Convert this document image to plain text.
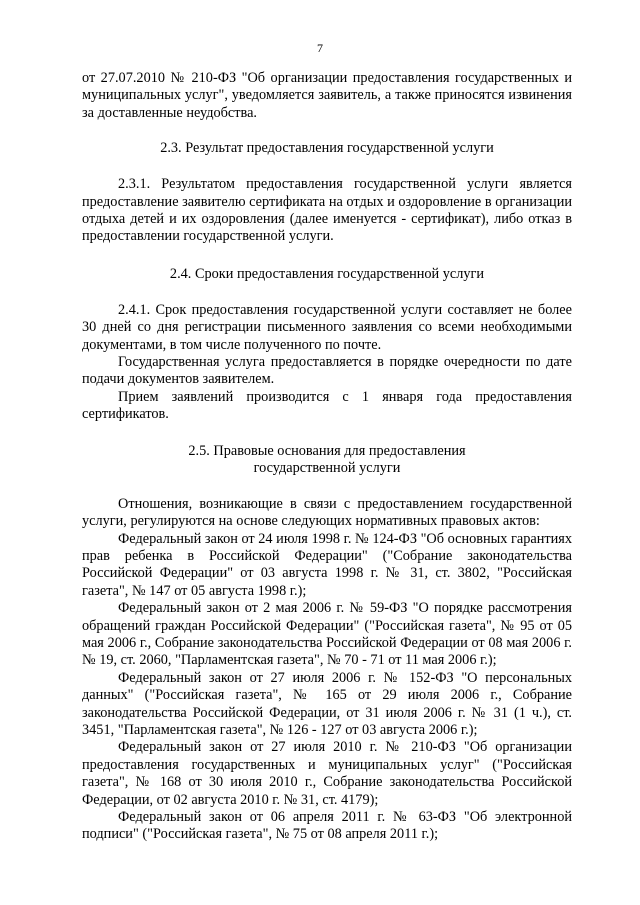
7

от 27.07.2010 № 210-ФЗ "Об организации предоставления государственных и муниципальных услуг", уведомляется заявитель, а также приносятся извинения за доставленные неудобства.

2.3. Результат предоставления государственной услуги

2.3.1. Результатом предоставления государственной услуги является предоставление заявителю сертификата на отдых и оздоровление в организации отдыха детей и их оздоровления (далее именуется - сертификат), либо отказ в предоставлении государственной услуги.

2.4. Сроки предоставления государственной услуги

2.4.1. Срок предоставления государственной услуги составляет не более 30 дней со дня регистрации письменного заявления со всеми необходимыми документами, в том числе полученного по почте.

Государственная услуга предоставляется в порядке очередности по дате подачи документов заявителем.

Прием заявлений производится с 1 января года предоставления сертификатов.

2.5. Правовые основания для предоставления
государственной услуги

Отношения, возникающие в связи с предоставлением государственной услуги, регулируются на основе следующих нормативных правовых актов:

Федеральный закон от 24 июля 1998 г. № 124-ФЗ "Об основных гарантиях прав ребенка в Российской Федерации" ("Собрание законодательства Российской Федерации" от 03 августа 1998 г. № 31, ст. 3802, "Российская газета", № 147 от 05 августа 1998 г.);

Федеральный закон от 2 мая 2006 г. № 59-ФЗ "О порядке рассмотрения обращений граждан Российской Федерации" ("Российская газета", № 95 от 05 мая 2006 г., Собрание законодательства Российской Федерации от 08 мая 2006 г. № 19, ст. 2060, "Парламентская газета", № 70 - 71 от 11 мая 2006 г.);

Федеральный закон от 27 июля 2006 г. № 152-ФЗ "О персональных данных" ("Российская газета", № 165 от 29 июля 2006 г., Собрание законодательства Российской Федерации, от 31 июля 2006 г. № 31 (1 ч.), ст. 3451, "Парламентская газета", № 126 - 127 от 03 августа 2006 г.);

Федеральный закон от 27 июля 2010 г. № 210-ФЗ "Об организации предоставления государственных и муниципальных услуг" ("Российская газета", № 168 от 30 июля 2010 г., Собрание законодательства Российской Федерации, от 02 августа 2010 г. № 31, ст. 4179);

Федеральный закон от 06 апреля 2011 г. № 63-ФЗ "Об электронной подписи" ("Российская газета", № 75 от 08 апреля 2011 г.);
